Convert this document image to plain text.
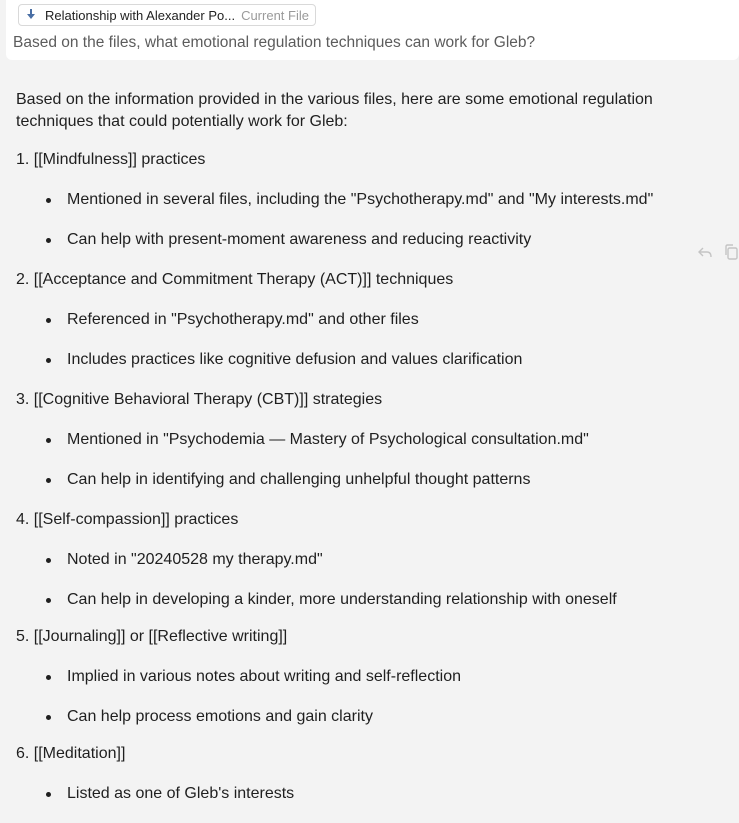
Relationship with Alexander Po... Current File
Based on the files, what emotional regulation techniques can work for Gleb?
Based on the information provided in the various files, here are some emotional regulation
techniques that could potentially work for Gleb:
1. [[Mindfulness]] practices
Mentioned in several files, including the "Psychotherapy.md" and "My interests.md"
Can help with present-moment awareness and reducing reactivity
2. [[Acceptance and Commitment Therapy (ACT)]] techniques
Referenced in "Psychotherapy.md" and other files
Includes practices like cognitive defusion and values clarification
3. [[Cognitive Behavioral Therapy (CBT)]] strategies
Mentioned in "Psychodemia — Mastery of Psychological consultation.md"
Can help in identifying and challenging unhelpful thought patterns
4. [[Self-compassion]] practices
Noted in "20240528 my therapy.md"
Can help in developing a kinder, more understanding relationship with oneself
5. [[Journaling]] or [[Reflective writing]]
Implied in various notes about writing and self-reflection
Can help process emotions and gain clarity
6. [[Meditation]]
Listed as one of Gleb's interests
